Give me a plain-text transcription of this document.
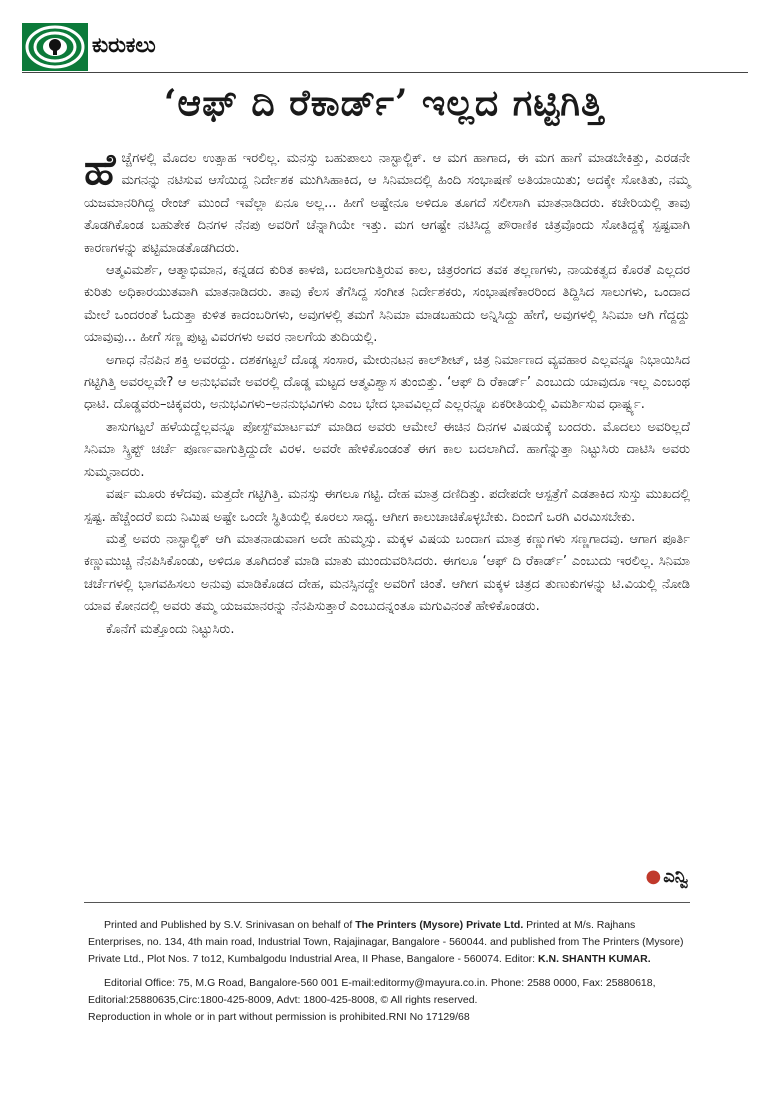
ಕುರುಕಲು
‘ಆಫ್ ದಿ ರೆಕಾರ್ಡ್’ ಇಲ್ಲದ ಗಟ್ಟಿಗಿತ್ತಿ

ಹೆ ಚ್ಚೆಗಳಲ್ಲಿ ಮೊದಲ ಉತ್ಸಾಹ ಇರಲಿಲ್ಲ. ಮನಸ್ಸು ಬಹುಪಾಲು ನಾಸ್ಟಾಲ್ಜಿಕ್. ಆ ಮಗ ಹಾಗಾದ, ಈ ಮಗ ಹಾಗೆ ಮಾಡಬೇಕಿತ್ತು, ಎರಡನೇ ಮಗನನ್ನು ನಟಿಸುವ ಆಸೆಯಿದ್ದ ನಿರ್ದೇಶಕ ಮುಗಿಸಿಹಾಕಿದ, ಆ ಸಿನಿಮಾದಲ್ಲಿ ಹಿಂದಿ ಸಂಭಾಷಣೆ ಅತಿಯಾಯಿತು; ಅದಕ್ಕೇ ಸೋತಿತು, ನಮ್ಮ ಯಜಮಾನರಿಗಿದ್ದ ರೇಂಜ್ ಮುಂದೆ ಇವೆಲ್ಲಾ ಏನೂ ಅಲ್ಲ... ಹೀಗೆ ಅಷ್ಟೇನೂ ಅಳಿದೂ ತೂಗದೆ ಸಲೀಸಾಗಿ ಮಾತನಾಡಿದರು. ಕಚೇರಿಯಲ್ಲಿ ತಾವು ತೊಡಗಿಕೊಂಡ ಬಹುತೇಕ ದಿನಗಳ ನೆನಪು ಅವರಿಗೆ ಚೆನ್ನಾಗಿಯೇ ಇತ್ತು. ಮಗ ಆಗಷ್ಟೇ ನಟಿಸಿದ್ದ ಪೌರಾಣಿಕ ಚಿತ್ರವೊಂದು ಸೋತಿದ್ದಕ್ಕೆ ಸ್ಪಷ್ಟವಾಗಿ ಕಾರಣಗಳನ್ನು ಪಟ್ಟಿಮಾಡತೊಡಗಿದರು.

ಆತ್ಮವಿಮರ್ಶೆ, ಆತ್ಮಾಭಿಮಾನ, ಕನ್ನಡದ ಕುರಿತ ಕಾಳಜಿ, ಬದಲಾಗುತ್ತಿರುವ ಕಾಲ, ಚಿತ್ರರಂಗದ ತವಕ ತಲ್ಲಣಗಳು, ನಾಯಕತ್ವದ ಕೊರತೆ ಎಲ್ಲದರ ಕುರಿತು ಅಧಿಕಾರಯುತವಾಗಿ ಮಾತನಾಡಿದರು. ತಾವು ಕೆಲಸ ತೆಗೆಸಿದ್ದ ಸಂಗೀತ ನಿರ್ದೇಶಕರು, ಸಂಭಾಷಣೆಕಾರರಿಂದ ತಿದ್ದಿಸಿದ ಸಾಲುಗಳು, ಒಂದಾದ ಮೇಲೆ ಒಂದರಂತೆ ಓದುತ್ತಾ ಕುಳಿತ ಕಾದಂಬರಿಗಳು, ಅವುಗಳಲ್ಲಿ ತಮಗೆ ಸಿನಿಮಾ ಮಾಡಬಹುದು ಅನ್ನಿಸಿದ್ದು ಹೇಗೆ, ಅವುಗಳಲ್ಲಿ ಸಿನಿಮಾ ಆಗಿ ಗೆದ್ದದ್ದು ಯಾವುವು... ಹೀಗೆ ಸಣ್ಣ ಪುಟ್ಟ ವಿವರಗಳು ಅವರ ನಾಲಗೆಯ ತುದಿಯಲ್ಲಿ.

ಅಗಾಧ ನೆನಪಿನ ಶಕ್ತಿ ಅವರದ್ದು. ದಶಕಗಟ್ಟಲೆ ದೊಡ್ಡ ಸಂಸಾರ, ಮೇರುನಟನ ಕಾಲ್‌ಶೀಟ್, ಚಿತ್ರ ನಿರ್ಮಾಣದ ವ್ಯವಹಾರ ಎಲ್ಲವನ್ನೂ ನಿಭಾಯಿಸಿದ ಗಟ್ಟಿಗಿತ್ತಿ ಅವರಲ್ಲವೇ? ಆ ಅನುಭವವೇ ಅವರಲ್ಲಿ ದೊಡ್ಡ ಮಟ್ಟದ ಆತ್ಮವಿಶ್ವಾಸ ತುಂಬಿತ್ತು. ‘ಆಫ್ ದಿ ರೆಕಾರ್ಡ್’ ಎಂಬುದು ಯಾವುದೂ ಇಲ್ಲ ಎಂಬಂಥ ಧಾಟಿ. ದೊಡ್ಡವರು–ಚಿಕ್ಕವರು, ಅನುಭವಿಗಳು–ಅನನುಭವಿಗಳು ಎಂಬ ಭೇದ ಭಾವವಿಲ್ಲದೆ ಎಲ್ಲರನ್ನೂ ಏಕರೀತಿಯಲ್ಲಿ ವಿಮರ್ಶಿಸುವ ಧಾರ್ಷ್ಟ್ಯ.

ತಾಸುಗಟ್ಟಲೆ ಹಳೆಯದ್ದೆಲ್ಲವನ್ನೂ ಪೋಸ್ಟ್‌ಮಾರ್ಟಮ್ ಮಾಡಿದ ಅವರು ಆಮೇಲೆ ಈಚಿನ ದಿನಗಳ ವಿಷಯಕ್ಕೆ ಬಂದರು. ಮೊದಲು ಅವರಿಲ್ಲದೆ ಸಿನಿಮಾ ಸ್ಕ್ರಿಪ್ಟ್ ಚರ್ಚೆ ಪೂರ್ಣವಾಗುತ್ತಿದ್ದುದೇ ವಿರಳ. ಅವರೇ ಹೇಳಿಕೊಂಡಂತೆ ಈಗ ಕಾಲ ಬದಲಾಗಿದೆ. ಹಾಗೆನ್ನುತ್ತಾ ನಿಟ್ಟುಸಿರು ದಾಟಿಸಿ ಅವರು ಸುಮ್ಮನಾದರು.

ವರ್ಷ ಮೂರು ಕಳೆದವು. ಮತ್ತದೇ ಗಟ್ಟಿಗಿತ್ತಿ. ಮನಸ್ಸು ಈಗಲೂ ಗಟ್ಟಿ. ದೇಹ ಮಾತ್ರ ದಣಿದಿತ್ತು. ಪದೇಪದೇ ಆಸ್ಪತ್ರೆಗೆ ಎಡತಾಕಿದ ಸುಸ್ತು ಮುಖದಲ್ಲಿ ಸ್ಪಷ್ಟ. ಹೆಚ್ಚೆಂದರೆ ಐದು ನಿಮಿಷ ಅಷ್ಟೇ ಒಂದೇ ಸ್ಥಿತಿಯಲ್ಲಿ ಕೂರಲು ಸಾಧ್ಯ. ಆಗೀಗ ಕಾಲುಚಾಚಿಕೊಳ್ಳಬೇಕು. ದಿಂಬಿಗೆ ಒರಗಿ ವಿರಮಿಸಬೇಕು.

ಮತ್ತೆ ಅವರು ನಾಸ್ಟಾಲ್ಜಿಕ್ ಆಗಿ ಮಾತನಾಡುವಾಗ ಅದೇ ಹುಮ್ಮಸ್ಸು. ಮಕ್ಕಳ ವಿಷಯ ಬಂದಾಗ ಮಾತ್ರ ಕಣ್ಣುಗಳು ಸಣ್ಣಗಾದವು. ಆಗಾಗ ಪೂರ್ತಿ ಕಣ್ಣುಮುಚ್ಚಿ ನೆನಪಿಸಿಕೊಂಡು, ಅಳಿದೂ ತೂಗಿದಂತೆ ಮಾಡಿ ಮಾತು ಮುಂದುವರಿಸಿದರು. ಈಗಲೂ ‘ಆಫ್ ದಿ ರೆಕಾರ್ಡ್’ ಎಂಬುದು ಇರಲಿಲ್ಲ. ಸಿನಿಮಾ ಚರ್ಚೆಗಳಲ್ಲಿ ಭಾಗವಹಿಸಲು ಅನುವು ಮಾಡಿಕೊಡದ ದೇಹ, ಮನಸ್ಸಿನದ್ದೇ ಅವರಿಗೆ ಚಿಂತೆ. ಆಗೀಗ ಮಕ್ಕಳ ಚಿತ್ರದ ತುಣುಕುಗಳನ್ನು ಟಿ.ವಿಯಲ್ಲಿ ನೋಡಿ ಯಾವ ಕೋನದಲ್ಲಿ ಅವರು ತಮ್ಮ ಯಜಮಾನರನ್ನು ನೆನಪಿಸುತ್ತಾರೆ ಎಂಬುದನ್ನಂತೂ ಮಗುವಿನಂತೆ ಹೇಳಿಕೊಂಡರು.

ಕೊನೆಗೆ ಮತ್ತೊಂದು ನಿಟ್ಟುಸಿರು.

● ಎನ್ವಿ

Printed and Published by S.V. Srinivasan on behalf of The Printers (Mysore) Private Ltd. Printed at M/s. Rajhans Enterprises, no. 134, 4th main road, Industrial Town, Rajajinagar, Bangalore - 560044. and published from The Printers (Mysore) Private Ltd., Plot Nos. 7 to12, Kumbalgodu Industrial Area, II Phase, Bangalore - 560074. Editor: K.N. SHANTH KUMAR.

Editorial Office: 75, M.G Road, Bangalore-560 001 E-mail:editormy@mayura.co.in. Phone: 2588 0000, Fax: 25880618, Editorial:25880635,Circ:1800-425-8009, Advt: 1800-425-8008, © All rights reserved.

Reproduction in whole or in part without permission is prohibited.RNI No 17129/68
